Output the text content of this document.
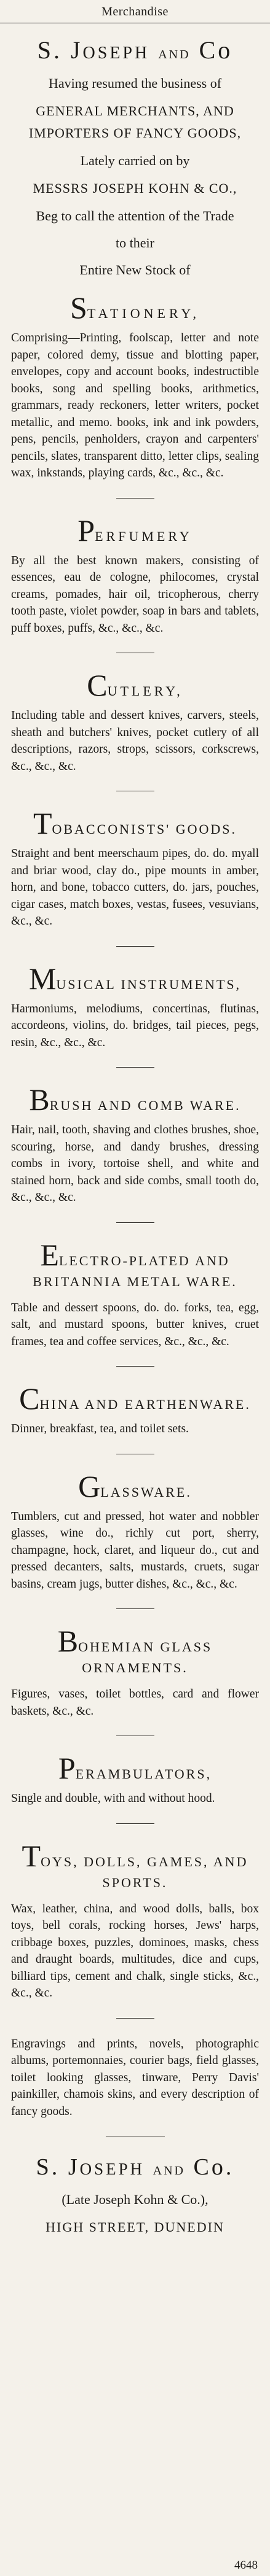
Merchandise
S. Joseph and Co
Having resumed the business of
GENERAL MERCHANTS, AND
IMPORTERS OF FANCY GOODS,
Lately carried on by
MESSRS JOSEPH KOHN & CO.,
Beg to call the attention of the Trade
to their
Entire New Stock of
STATIONERY,

Comprising—Printing, foolscap, letter and note paper, colored demy, tissue and blotting paper, envelopes, copy and account books, indestructible books, song and spelling books, arithmetics, grammars, ready reckoners, letter writers, pocket metallic, and memo. books, ink and ink powders, pens, pencils, penholders, crayon and carpenters' pencils, slates, transparent ditto, letter clips, sealing wax, inkstands, playing cards, &c., &c., &c.

PERFUMERY

By all the best known makers, consisting of essences, eau de cologne, philocomes, crystal creams, pomades, hair oil, tricopherous, cherry tooth paste, violet powder, soap in bars and tablets, puff boxes, puffs, &c., &c., &c.

CUTLERY,

Including table and dessert knives, carvers, steels, sheath and butchers' knives, pocket cutlery of all descriptions, razors, strops, scissors, corkscrews, &c., &c., &c.

TOBACCONISTS' GOODS.

Straight and bent meerschaum pipes, do. do. myall and briar wood, clay do., pipe mounts in amber, horn, and bone, tobacco cutters, do. jars, pouches, cigar cases, match boxes, vestas, fusees, vesuvians, &c., &c.

MUSICAL INSTRUMENTS,

Harmoniums, melodiums, concertinas, flutinas, accordeons, violins, do. bridges, tail pieces, pegs, resin, &c., &c., &c.

BRUSH AND COMB WARE.

Hair, nail, tooth, shaving and clothes brushes, shoe, scouring, horse, and dandy brushes, dressing combs in ivory, tortoise shell, and white and stained horn, back and side combs, small tooth do, &c., &c., &c.

ELECTRO-PLATED AND BRITANNIA METAL WARE.

Table and dessert spoons, do. do. forks, tea, egg, salt, and mustard spoons, butter knives, cruet frames, tea and coffee services, &c., &c., &c.

CHINA AND EARTHENWARE.

Dinner, breakfast, tea, and toilet sets.

GLASSWARE.

Tumblers, cut and pressed, hot water and nobbler glasses, wine do., richly cut port, sherry, champagne, hock, claret, and liqueur do., cut and pressed decanters, salts, mustards, cruets, sugar basins, cream jugs, butter dishes, &c., &c., &c.

BOHEMIAN GLASS ORNAMENTS.

Figures, vases, toilet bottles, card and flower baskets, &c., &c.

PERAMBULATORS,

Single and double, with and without hood.

TOYS, DOLLS, GAMES, AND SPORTS.

Wax, leather, china, and wood dolls, balls, box toys, bell corals, rocking horses, Jews' harps, cribbage boxes, puzzles, dominoes, masks, chess and draught boards, multitudes, dice and cups, billiard tips, cement and chalk, single sticks, &c., &c., &c.

Engravings and prints, novels, photographic albums, portemonnaies, courier bags, field glasses, toilet looking glasses, tinware, Perry Davis' painkiller, chamois skins, and every description of fancy goods.

S. Joseph and Co.
(Late Joseph Kohn & Co.),
HIGH STREET, DUNEDIN
4648
